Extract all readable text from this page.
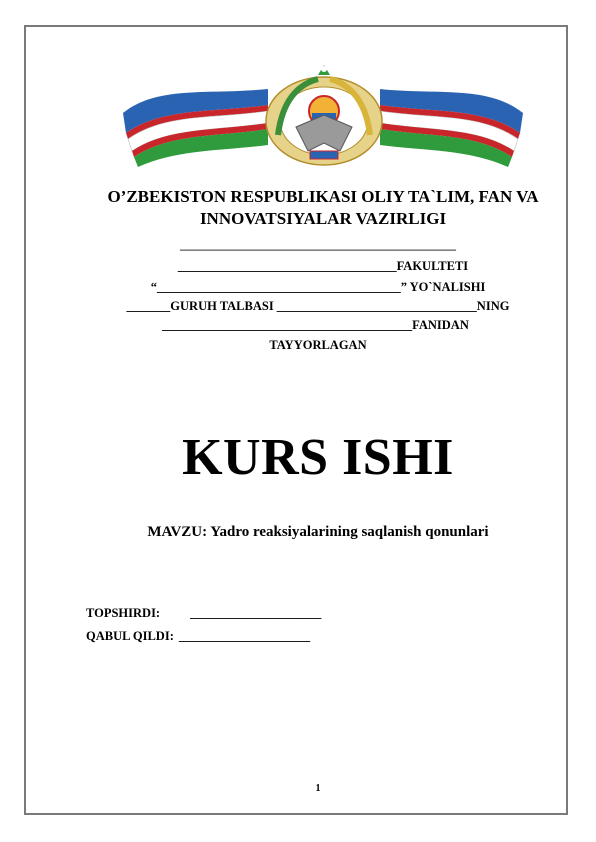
O’ZBEKISTON RESPUBLIKASI OLIY TA`LIM, FAN VA INNOVATSIYALAR VAZIRLIGI
______________________________________________
___________________________________FAKULTETI
“_______________________________________” YO`NALISHI
_______GURUH TALBASI ________________________________NING
________________________________________FANIDAN
TAYYORLAGAN
KURS ISHI
MAVZU: Yadro reaksiyalarining saqlanish qonunlari
TOPSHIRDI: _____________________
QABUL QILDI: _____________________
1
